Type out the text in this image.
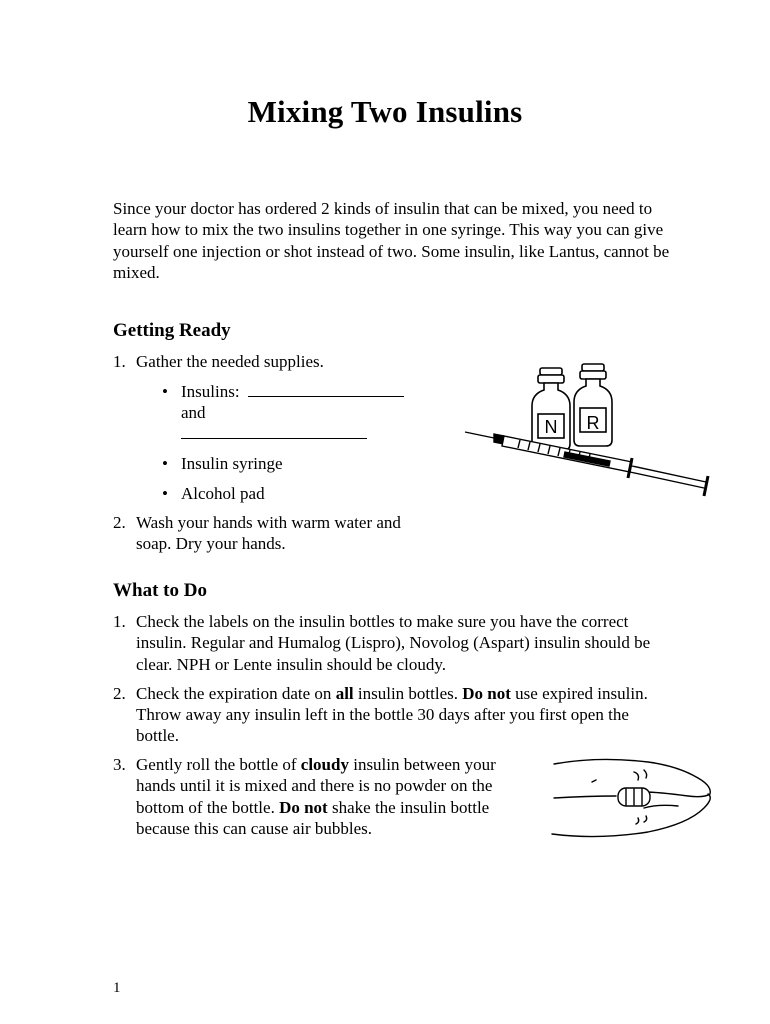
Mixing Two Insulins

Since your doctor has ordered 2 kinds of insulin that can be mixed, you need to learn how to mix the two insulins together in one syringe. This way you can give yourself one injection or shot instead of two. Some insulin, like Lantus, cannot be mixed.

Getting Ready
1. Gather the needed supplies.
• Insulins:  and
• Insulin syringe
• Alcohol pad
2. Wash your hands with warm water and soap. Dry your hands.
N R
What to Do
1. Check the labels on the insulin bottles to make sure you have the correct insulin. Regular and Humalog (Lispro), Novolog (Aspart) insulin should be clear. NPH or Lente insulin should be cloudy.
2. Check the expiration date on all insulin bottles. Do not use expired insulin. Throw away any insulin left in the bottle 30 days after you first open the bottle.
3. Gently roll the bottle of cloudy insulin between your hands until it is mixed and there is no powder on the bottom of the bottle. Do not shake the insulin bottle because this can cause air bubbles.
1
